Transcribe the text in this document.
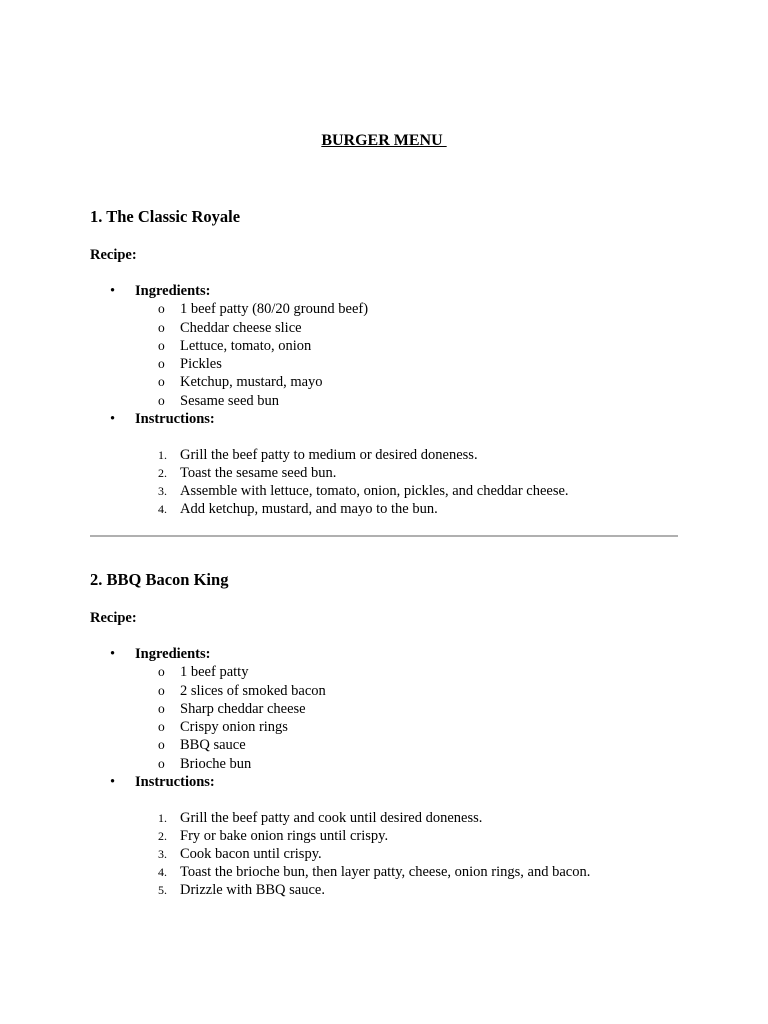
BURGER MENU
1. The Classic Royale
Recipe:
• Ingredients:
o 1 beef patty (80/20 ground beef)
o Cheddar cheese slice
o Lettuce, tomato, onion
o Pickles
o Ketchup, mustard, mayo
o Sesame seed bun
• Instructions:
1. Grill the beef patty to medium or desired doneness.
2. Toast the sesame seed bun.
3. Assemble with lettuce, tomato, onion, pickles, and cheddar cheese.
4. Add ketchup, mustard, and mayo to the bun.
2. BBQ Bacon King
Recipe:
• Ingredients:
o 1 beef patty
o 2 slices of smoked bacon
o Sharp cheddar cheese
o Crispy onion rings
o BBQ sauce
o Brioche bun
• Instructions:
1. Grill the beef patty and cook until desired doneness.
2. Fry or bake onion rings until crispy.
3. Cook bacon until crispy.
4. Toast the brioche bun, then layer patty, cheese, onion rings, and bacon.
5. Drizzle with BBQ sauce.
